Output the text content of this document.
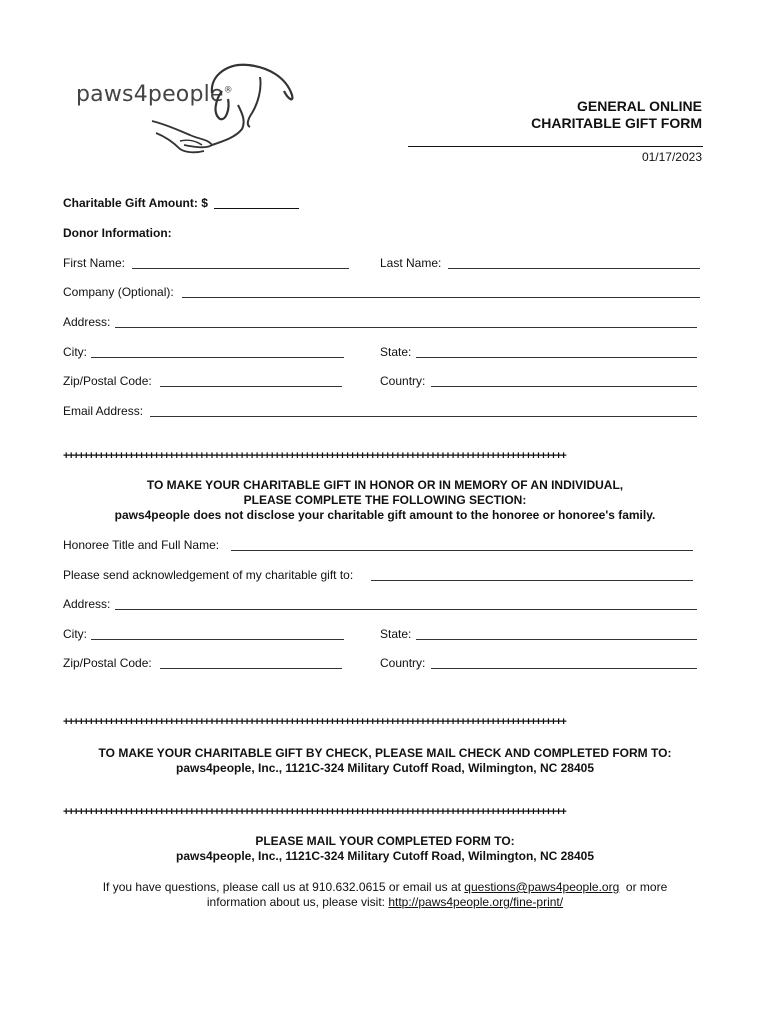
paws4people®
GENERAL ONLINE
CHARITABLE GIFT FORM
01/17/2023
Charitable Gift Amount: $
Donor Information:
First Name:	Last Name:
Company (Optional):
Address:
City:	State:
Zip/Postal Code:	Country:
Email Address:
++++++++++++++++++++++++++++++++++++++++++++++++++++++++++++++++++++++++++++++++++++++++++++++++++++
TO MAKE YOUR CHARITABLE GIFT IN HONOR OR IN MEMORY OF AN INDIVIDUAL,
PLEASE COMPLETE THE FOLLOWING SECTION:
paws4people does not disclose your charitable gift amount to the honoree or honoree's family.
Honoree Title and Full Name:
Please send acknowledgement of my charitable gift to:
Address:
City:	State:
Zip/Postal Code:	Country:
++++++++++++++++++++++++++++++++++++++++++++++++++++++++++++++++++++++++++++++++++++++++++++++++++++
TO MAKE YOUR CHARITABLE GIFT BY CHECK, PLEASE MAIL CHECK AND COMPLETED FORM TO:
paws4people, Inc., 1121C-324 Military Cutoff Road, Wilmington, NC 28405
++++++++++++++++++++++++++++++++++++++++++++++++++++++++++++++++++++++++++++++++++++++++++++++++++++
PLEASE MAIL YOUR COMPLETED FORM TO:
paws4people, Inc., 1121C-324 Military Cutoff Road, Wilmington, NC 28405
If you have questions, please call us at 910.632.0615 or email us at questions@paws4people.org  or more
information about us, please visit: http://paws4people.org/fine-print/
